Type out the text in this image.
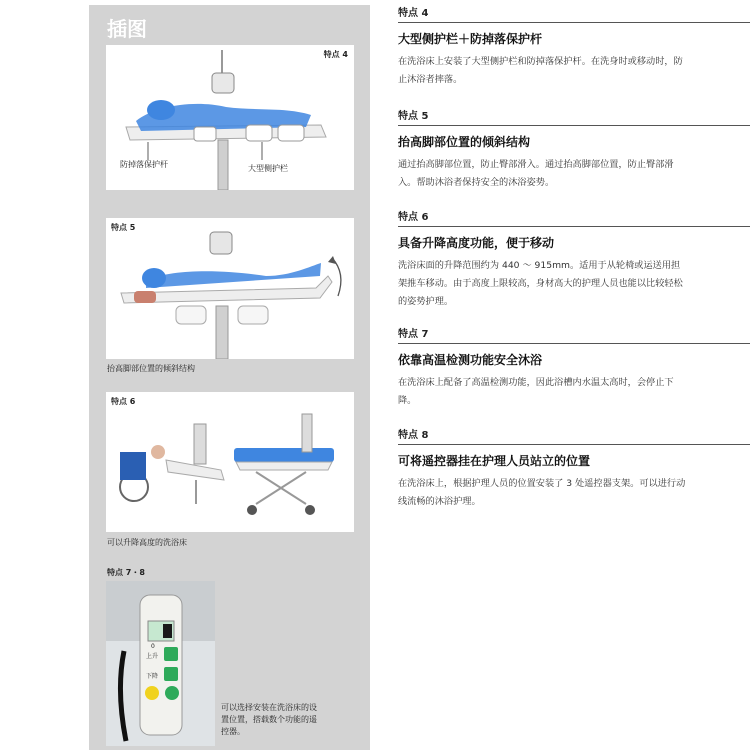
插图
特点 4
防掉落保护杆	大型侧护栏
特点 5
抬高脚部位置的倾斜结构
特点 6
可以升降高度的洗浴床
特点 7・8
0
上升
下降
可以选择安装在洗浴床的设置位置，搭载数个功能的遥控器。
特点 4
大型侧护栏＋防掉落保护杆
在洗浴床上安装了大型侧护栏和防掉落保护杆。在洗身时或移动时，防止沐浴者摔落。
特点 5
抬高脚部位置的倾斜结构
通过抬高脚部位置，防止臀部滑入。通过抬高脚部位置，防止臀部滑入。帮助沐浴者保持安全的沐浴姿势。
特点 6
具备升降高度功能，便于移动
洗浴床面的升降范围约为 440 ～ 915mm。适用于从轮椅或运送用担架推车移动。由于高度上限较高，身材高大的护理人员也能以比较轻松的姿势护理。
特点 7
依靠高温检测功能安全沐浴
在洗浴床上配备了高温检测功能，因此浴槽内水温太高时，会停止下降。
特点 8
可将遥控器挂在护理人员站立的位置
在洗浴床上，根据护理人员的位置安装了 3 处遥控器支架。可以进行动线流畅的沐浴护理。
